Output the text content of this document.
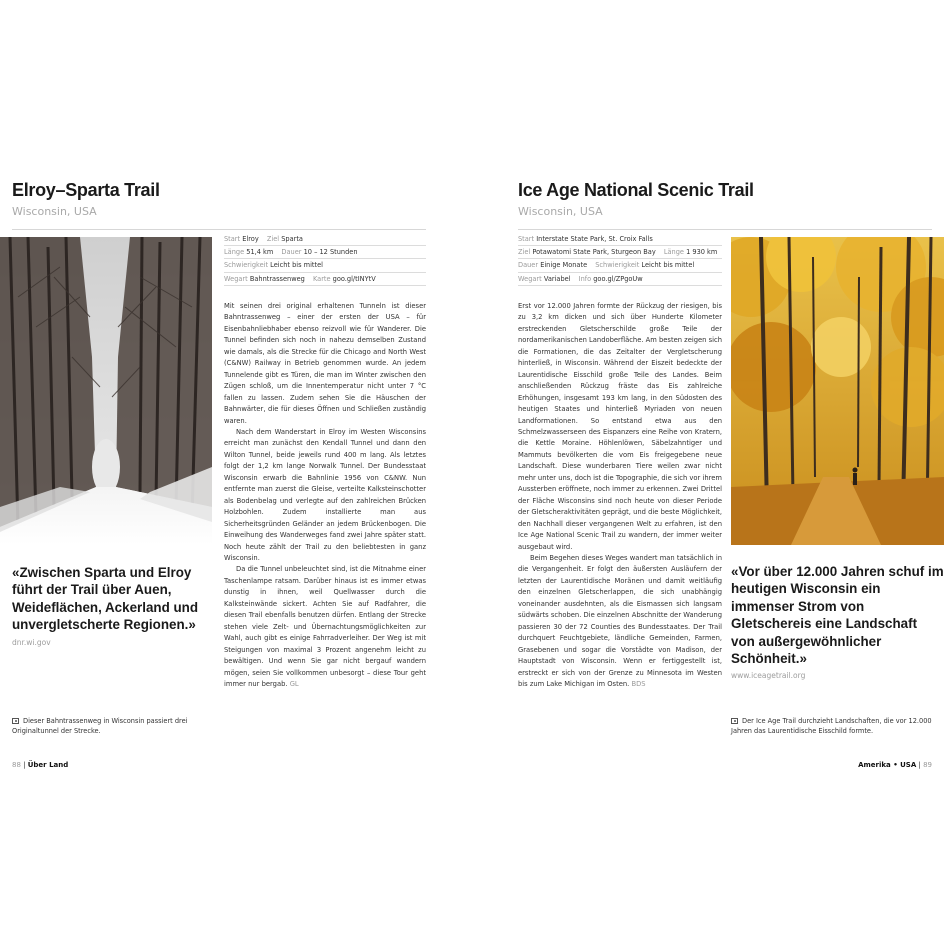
Elroy–Sparta Trail
Wisconsin, USA
Start Elroy Ziel Sparta
Länge 51,4 km Dauer 10 – 12 Stunden
Schwierigkeit Leicht bis mittel
Wegart Bahntrassenweg Karte goo.gl/tINYtV

Mit seinen drei original erhaltenen Tunneln ist dieser Bahntrassenweg – einer der ersten der USA – für Eisenbahnliebhaber ebenso reizvoll wie für Wanderer. Die Tunnel befinden sich noch in nahezu demselben Zustand wie damals, als die Strecke für die Chicago and North West (C&NW) Railway in Betrieb genommen wurde. An jedem Tunnelende gibt es Türen, die man im Winter zwischen den Zügen schloß, um die Innentemperatur nicht unter 7 °C fallen zu lassen. Zudem sehen Sie die Häuschen der Bahnwärter, die für dieses Öffnen und Schließen zuständig waren.

Nach dem Wanderstart in Elroy im Westen Wisconsins erreicht man zunächst den Kendall Tunnel und dann den Wilton Tunnel, beide jeweils rund 400 m lang. Als letztes folgt der 1,2 km lange Norwalk Tunnel. Der Bundesstaat Wisconsin erwarb die Bahnlinie 1956 von C&NW. Nun entfernte man zuerst die Gleise, verteilte Kalksteinschotter als Bodenbelag und verlegte auf den zahlreichen Brücken Holzbohlen. Zudem installierte man aus Sicherheitsgründen Geländer an jedem Brückenbogen. Die Einweihung des Wanderweges fand zwei Jahre später statt. Noch heute zählt der Trail zu den beliebtesten in ganz Wisconsin.

Da die Tunnel unbeleuchtet sind, ist die Mitnahme einer Taschenlampe ratsam. Darüber hinaus ist es immer etwas dunstig in ihnen, weil Quellwasser durch die Kalksteinwände sickert. Achten Sie auf Radfahrer, die diesen Trail ebenfalls benutzen dürfen. Entlang der Strecke stehen viele Zelt- und Übernachtungsmöglichkeiten zur Wahl, auch gibt es einige Fahrradverleiher. Der Weg ist mit Steigungen von maximal 3 Prozent angenehm leicht zu bewältigen. Und wenn Sie gar nicht bergauf wandern mögen, seien Sie vollkommen unbesorgt – diese Tour geht immer nur bergab. GL

«Zwischen Sparta und Elroy führt der Trail über Auen, Weideflächen, Ackerland und unvergletscherte Regionen.»
dnr.wi.gov
Dieser Bahntrassenweg in Wisconsin passiert drei Originaltunnel der Strecke.
88 | Über Land
Ice Age National Scenic Trail
Wisconsin, USA
Start Interstate State Park, St. Croix Falls
Ziel Potawatomi State Park, Sturgeon Bay Länge 1 930 km
Dauer Einige Monate Schwierigkeit Leicht bis mittel
Wegart Variabel Info goo.gl/ZPgoUw

Erst vor 12.000 Jahren formte der Rückzug der riesigen, bis zu 3,2 km dicken und sich über Hunderte Kilometer erstreckenden Gletscherschilde große Teile der nordamerikanischen Landoberfläche. Am besten zeigen sich die Formationen, die das Zeitalter der Vergletscherung hinterließ, in Wisconsin. Während der Eiszeit bedeckte der Laurentidische Eisschild große Teile des Landes. Beim anschließenden Rückzug fräste das Eis zahlreiche Erhöhungen, insgesamt 193 km lang, in den Südosten des heutigen Staates und hinterließ Myriaden von neuen Landformationen. So entstand etwa aus den Schmelzwasserseen des Eispanzers eine Reihe von Kratern, die Kettle Moraine. Höhlenlöwen, Säbelzahntiger und Mammuts bevölkerten die vom Eis freigegebene neue Landschaft. Diese wunderbaren Tiere weilen zwar nicht mehr unter uns, doch ist die Topographie, die sich vor ihrem Aussterben eröffnete, noch immer zu erkennen. Zwei Drittel der Fläche Wisconsins sind noch heute von dieser Periode der Gletscheraktivitäten geprägt, und die beste Möglichkeit, den Nachhall dieser vergangenen Welt zu erfahren, ist den Ice Age National Scenic Trail zu wandern, der immer weiter ausgebaut wird.

Beim Begehen dieses Weges wandert man tatsächlich in die Vergangenheit. Er folgt den äußersten Ausläufern der letzten der Laurentidische Moränen und damit weitläufig den einzelnen Gletscherlappen, die sich unabhängig voneinander ausdehnten, als die Eismassen sich langsam südwärts schoben. Die einzelnen Abschnitte der Wanderung passieren 30 der 72 Counties des Bundesstaates. Der Trail durchquert Feuchtgebiete, ländliche Gemeinden, Farmen, Grasebenen und sogar die Vorstädte von Madison, der Hauptstadt von Wisconsin. Wenn er fertiggestellt ist, erstreckt er sich von der Grenze zu Minnesota im Westen bis zum Lake Michigan im Osten. BDS

«Vor über 12.000 Jahren schuf im heutigen Wisconsin ein immenser Strom von Gletschereis eine Landschaft von außergewöhnlicher Schönheit.»
www.iceagetrail.org
Der Ice Age Trail durchzieht Landschaften, die vor 12.000 Jahren das Laurentidische Eisschild formte.
Amerika • USA | 89
